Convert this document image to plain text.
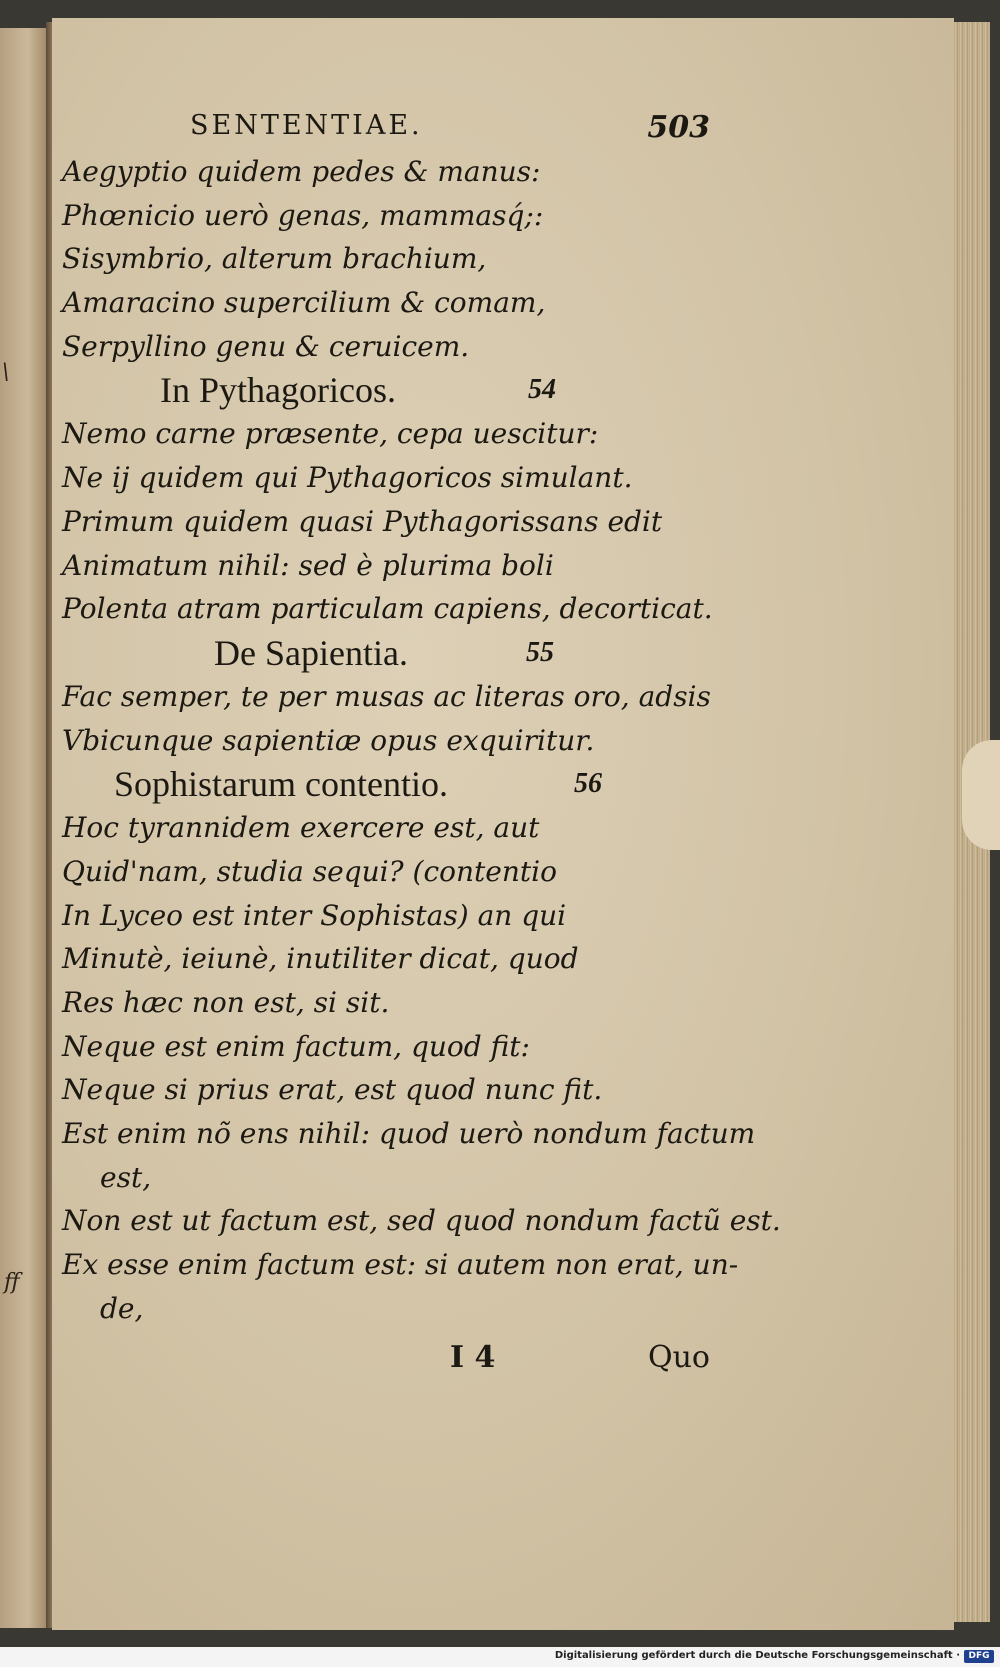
\
ff
SENTENTIAE.	503
Aegyptio quidem pedes & manus:
Phœnicio uerò genas, mammasq́;:
Sisymbrio, alterum brachium,
Amaracino supercilium & comam,
Serpyllino genu & ceruicem.
In Pythagoricos.	54
Nemo carne præsente, cepa uescitur:
Ne ij quidem qui Pythagoricos simulant.
Primum quidem quasi Pythagorissans edit
Animatum nihil: sed è plurima boli
Polenta atram particulam capiens, decorticat.
De Sapientia.	55
Fac semper, te per musas ac literas oro, adsis
Vbicunque sapientiæ opus exquiritur.
Sophistarum contentio.	56
Hoc tyrannidem exercere est, aut
Quid'nam, studia sequi? (contentio
In Lyceo est inter Sophistas) an qui
Minutè, ieiunè, inutiliter dicat, quod
Res hæc non est, si sit.
Neque est enim factum, quod fit:
Neque si prius erat, est quod nunc fit.
Est enim nõ ens nihil: quod uerò nondum factum
est,
Non est ut factum est, sed quod nondum factũ est.
Ex esse enim factum est: si autem non erat, un-
de,
I 4	Quo
Digitalisierung gefördert durch die Deutsche Forschungsgemeinschaft · DFG
